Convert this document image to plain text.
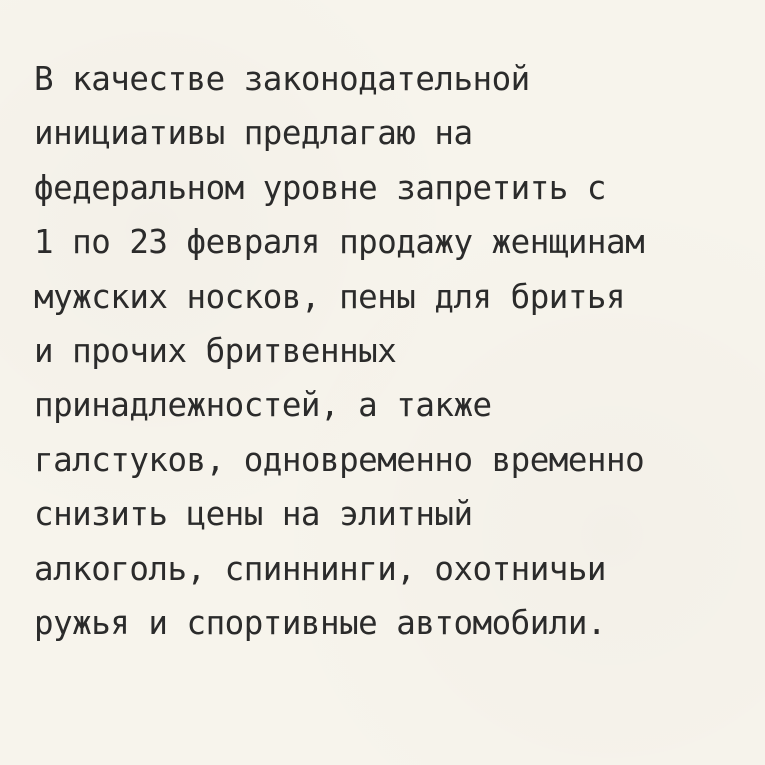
В качестве законодательной
инициативы предлагаю на
федеральном уровне запретить с
1 по 23 февраля продажу женщинам
мужских носков, пены для бритья
и прочих бритвенных
принадлежностей, а также
галстуков, одновременно временно
снизить цены на элитный
алкоголь, спиннинги, охотничьи
ружья и спортивные автомобили.
